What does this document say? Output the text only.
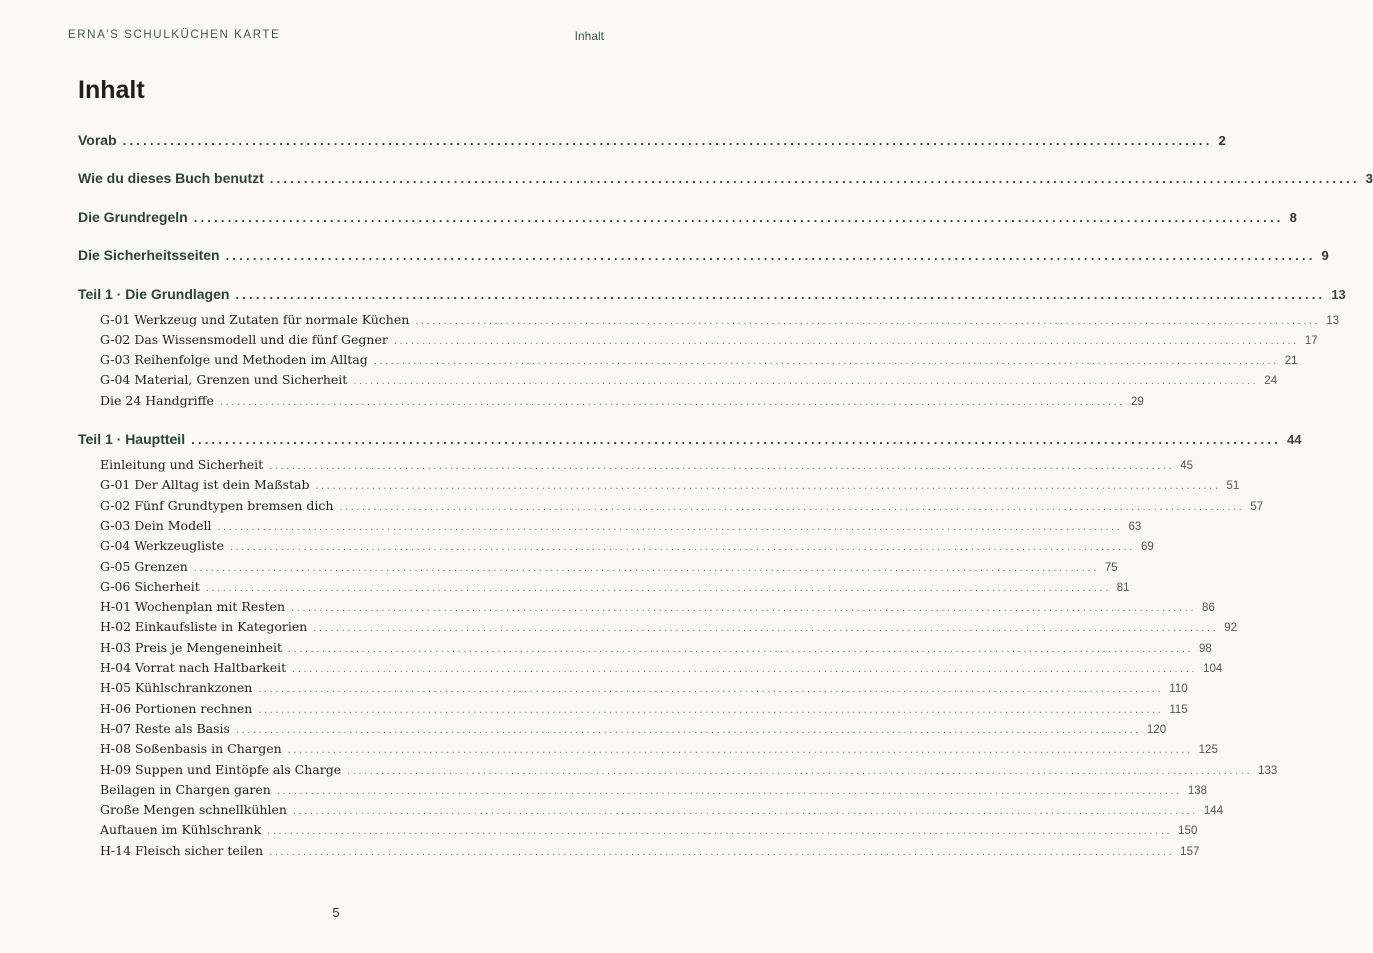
ERNA'S SCHULKÜCHEN KARTE	Inhalt
Inhalt
Vorab ................................................................................................................................................................ 2
Wie du dieses Buch benutzt ................................................................................................................................................................ 3
Die Grundregeln ................................................................................................................................................................ 8
Die Sicherheitsseiten ................................................................................................................................................................ 9
Teil 1 · Die Grundlagen ................................................................................................................................................................ 13
G-01 Werkzeug und Zutaten für normale Küchen ................................................................................................................................................................ 13
G-02 Das Wissensmodell und die fünf Gegner ................................................................................................................................................................ 17
G-03 Reihenfolge und Methoden im Alltag ................................................................................................................................................................ 21
G-04 Material, Grenzen und Sicherheit ................................................................................................................................................................ 24
Die 24 Handgriffe ................................................................................................................................................................ 29
Teil 1 · Hauptteil ................................................................................................................................................................ 44
Einleitung und Sicherheit ................................................................................................................................................................ 45
G-01 Der Alltag ist dein Maßstab ................................................................................................................................................................ 51
G-02 Fünf Grundtypen bremsen dich ................................................................................................................................................................ 57
G-03 Dein Modell ................................................................................................................................................................ 63
G-04 Werkzeugliste ................................................................................................................................................................ 69
G-05 Grenzen ................................................................................................................................................................ 75
G-06 Sicherheit ................................................................................................................................................................ 81
H-01 Wochenplan mit Resten ................................................................................................................................................................ 86
H-02 Einkaufsliste in Kategorien ................................................................................................................................................................ 92
H-03 Preis je Mengeneinheit ................................................................................................................................................................ 98
H-04 Vorrat nach Haltbarkeit ................................................................................................................................................................ 104
H-05 Kühlschrankzonen ................................................................................................................................................................ 110
H-06 Portionen rechnen ................................................................................................................................................................ 115
H-07 Reste als Basis ................................................................................................................................................................ 120
H-08 Soßenbasis in Chargen ................................................................................................................................................................ 125
H-09 Suppen und Eintöpfe als Charge ................................................................................................................................................................ 133
Beilagen in Chargen garen ................................................................................................................................................................ 138
Große Mengen schnellkühlen ................................................................................................................................................................ 144
Auftauen im Kühlschrank ................................................................................................................................................................ 150
H-14 Fleisch sicher teilen ................................................................................................................................................................ 157
5
